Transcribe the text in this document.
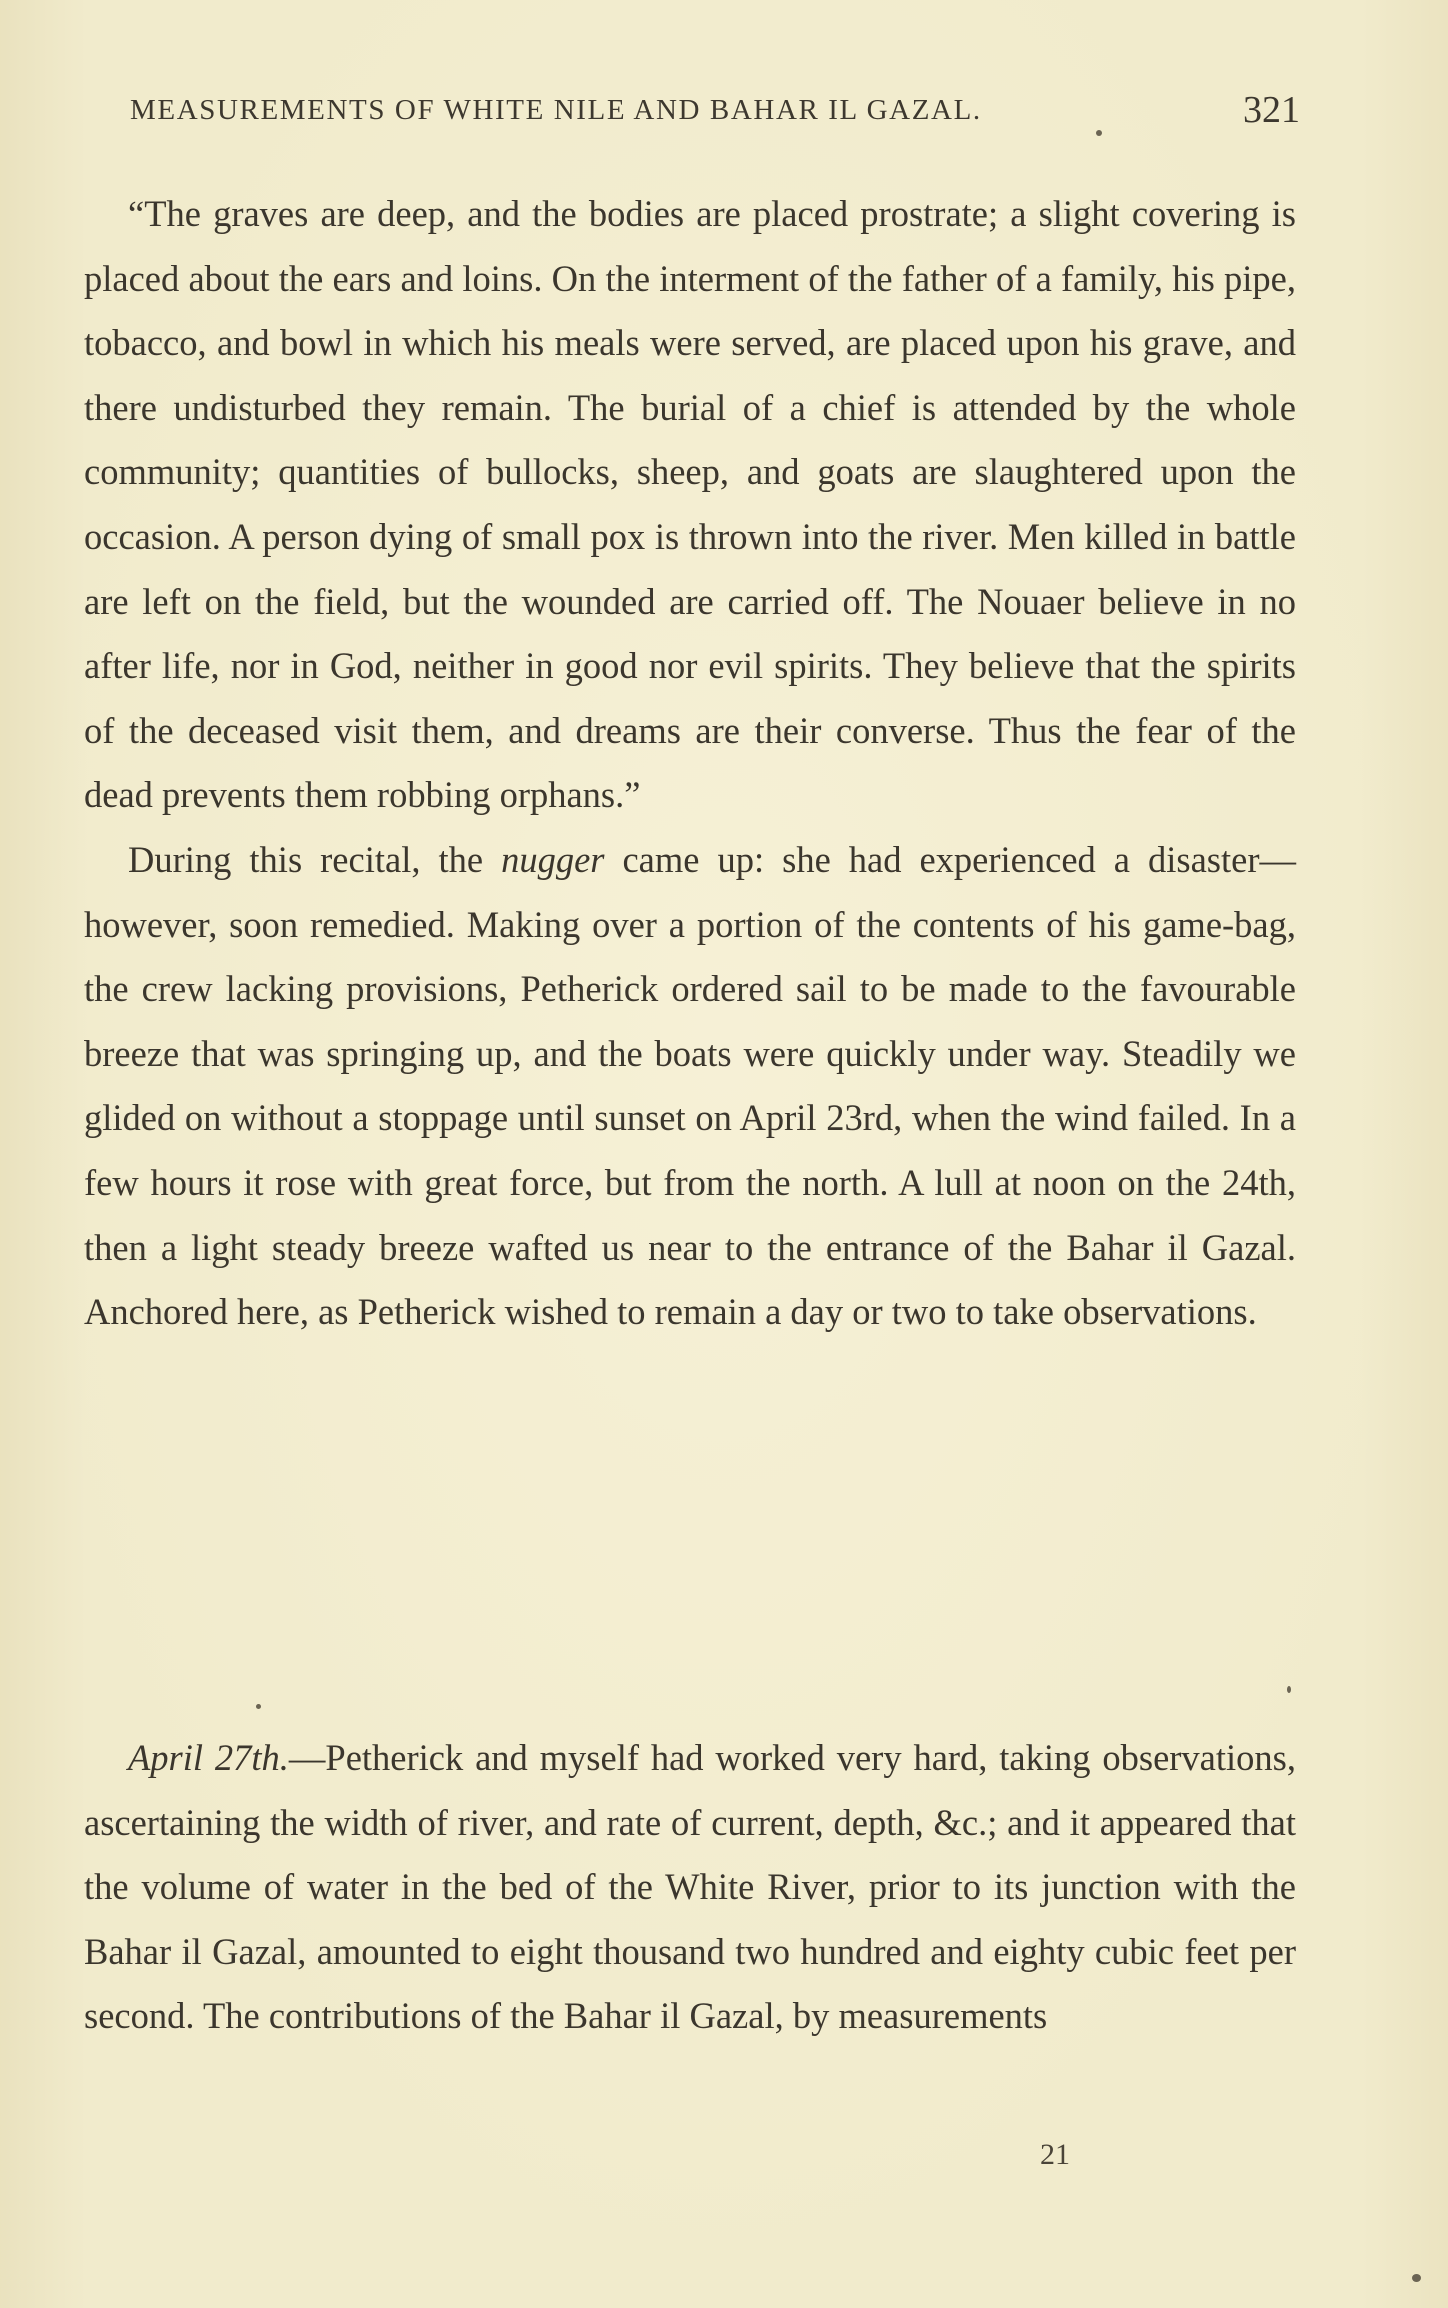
MEASUREMENTS OF WHITE NILE AND BAHAR IL GAZAL.	321

“The graves are deep, and the bodies are placed prostrate; a slight covering is placed about the ears and loins. On the interment of the father of a family, his pipe, tobacco, and bowl in which his meals were served, are placed upon his grave, and there undisturbed they remain. The burial of a chief is attended by the whole community; quantities of bullocks, sheep, and goats are slaughtered upon the occasion. A person dying of small pox is thrown into the river. Men killed in battle are left on the field, but the wounded are carried off. The Nouaer believe in no after life, nor in God, neither in good nor evil spirits. They believe that the spirits of the deceased visit them, and dreams are their converse. Thus the fear of the dead prevents them robbing orphans.”

During this recital, the nugger came up: she had experienced a disaster—however, soon remedied. Making over a portion of the contents of his game-bag, the crew lacking provisions, Petherick ordered sail to be made to the favourable breeze that was springing up, and the boats were quickly under way. Steadily we glided on without a stoppage until sunset on April 23rd, when the wind failed. In a few hours it rose with great force, but from the north. A lull at noon on the 24th, then a light steady breeze wafted us near to the entrance of the Bahar il Gazal. Anchored here, as Petherick wished to remain a day or two to take observations.

April 27th.—Petherick and myself had worked very hard, taking observations, ascertaining the width of river, and rate of current, depth, &c.; and it appeared that the volume of water in the bed of the White River, prior to its junction with the Bahar il Gazal, amounted to eight thousand two hundred and eighty cubic feet per second. The contributions of the Bahar il Gazal, by measurements

21
